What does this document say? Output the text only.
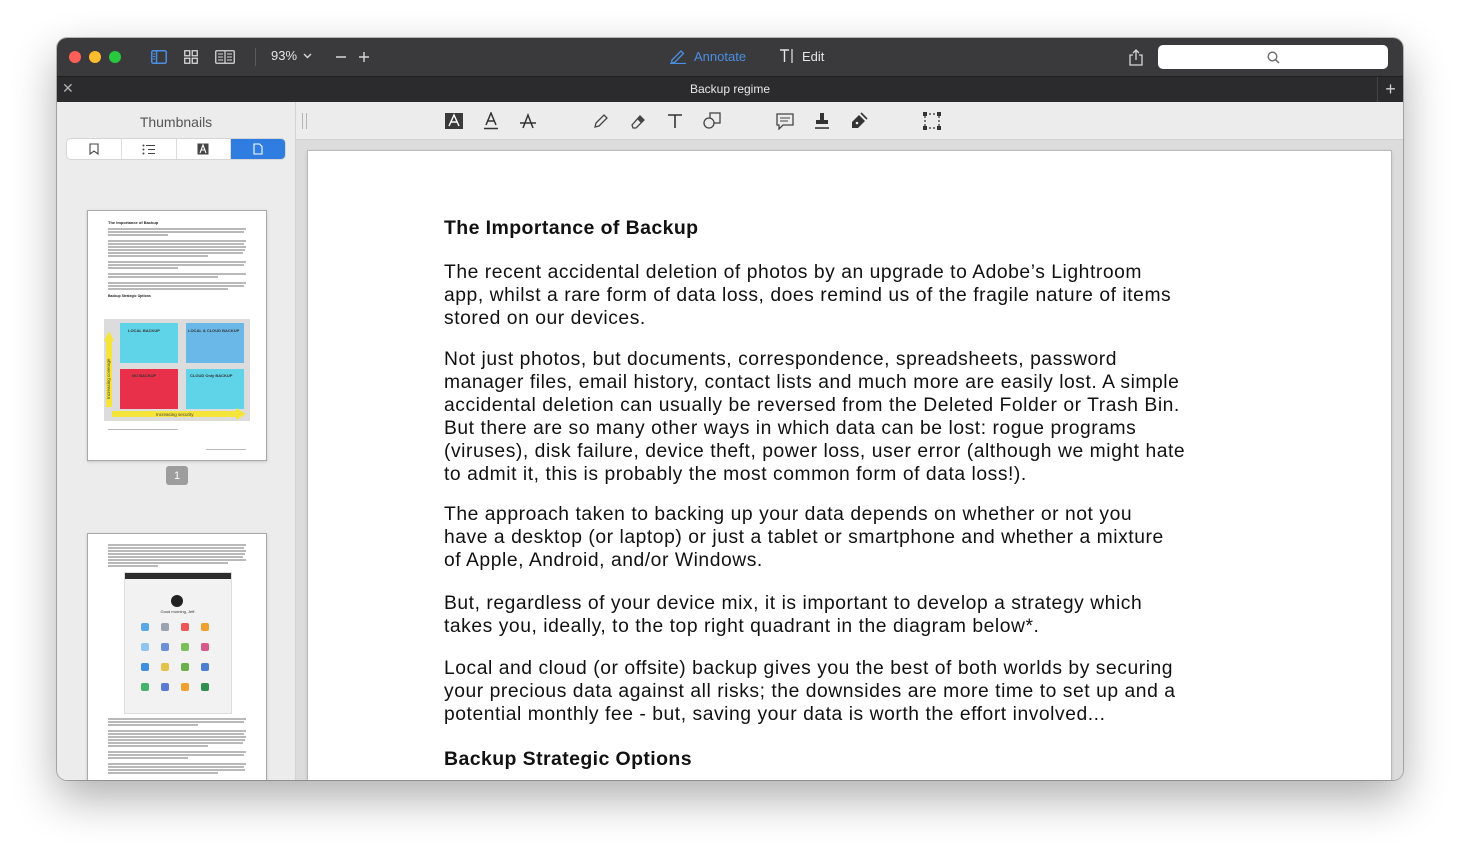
93%	Annotate	Edit
✕	Backup regime	+
Thumbnails
The Importance of Backup
Backup Strategic Options
LOCAL BACKUP	LOCAL & CLOUD BACKUP
NO BACKUP	CLOUD Only BACKUP
Increasing security
Increasing coverage
1
Good morning, Jeff.
The Importance of Backup

The recent accidental deletion of photos by an upgrade to Adobe’s Lightroom
app, whilst a rare form of data loss, does remind us of the fragile nature of items
stored on our devices.

Not just photos, but documents, correspondence, spreadsheets, password
manager files, email history, contact lists and much more are easily lost. A simple
accidental deletion can usually be reversed from the Deleted Folder or Trash Bin.
But there are so many other ways in which data can be lost: rogue programs
(viruses), disk failure, device theft, power loss, user error (although we might hate
to admit it, this is probably the most common form of data loss!).

The approach taken to backing up your data depends on whether or not you
have a desktop (or laptop) or just a tablet or smartphone and whether a mixture
of Apple, Android, and/or Windows.

But, regardless of your device mix, it is important to develop a strategy which
takes you, ideally, to the top right quadrant in the diagram below*.

Local and cloud (or offsite) backup gives you the best of both worlds by securing
your precious data against all risks; the downsides are more time to set up and a
potential monthly fee - but, saving your data is worth the effort involved...

Backup Strategic Options
